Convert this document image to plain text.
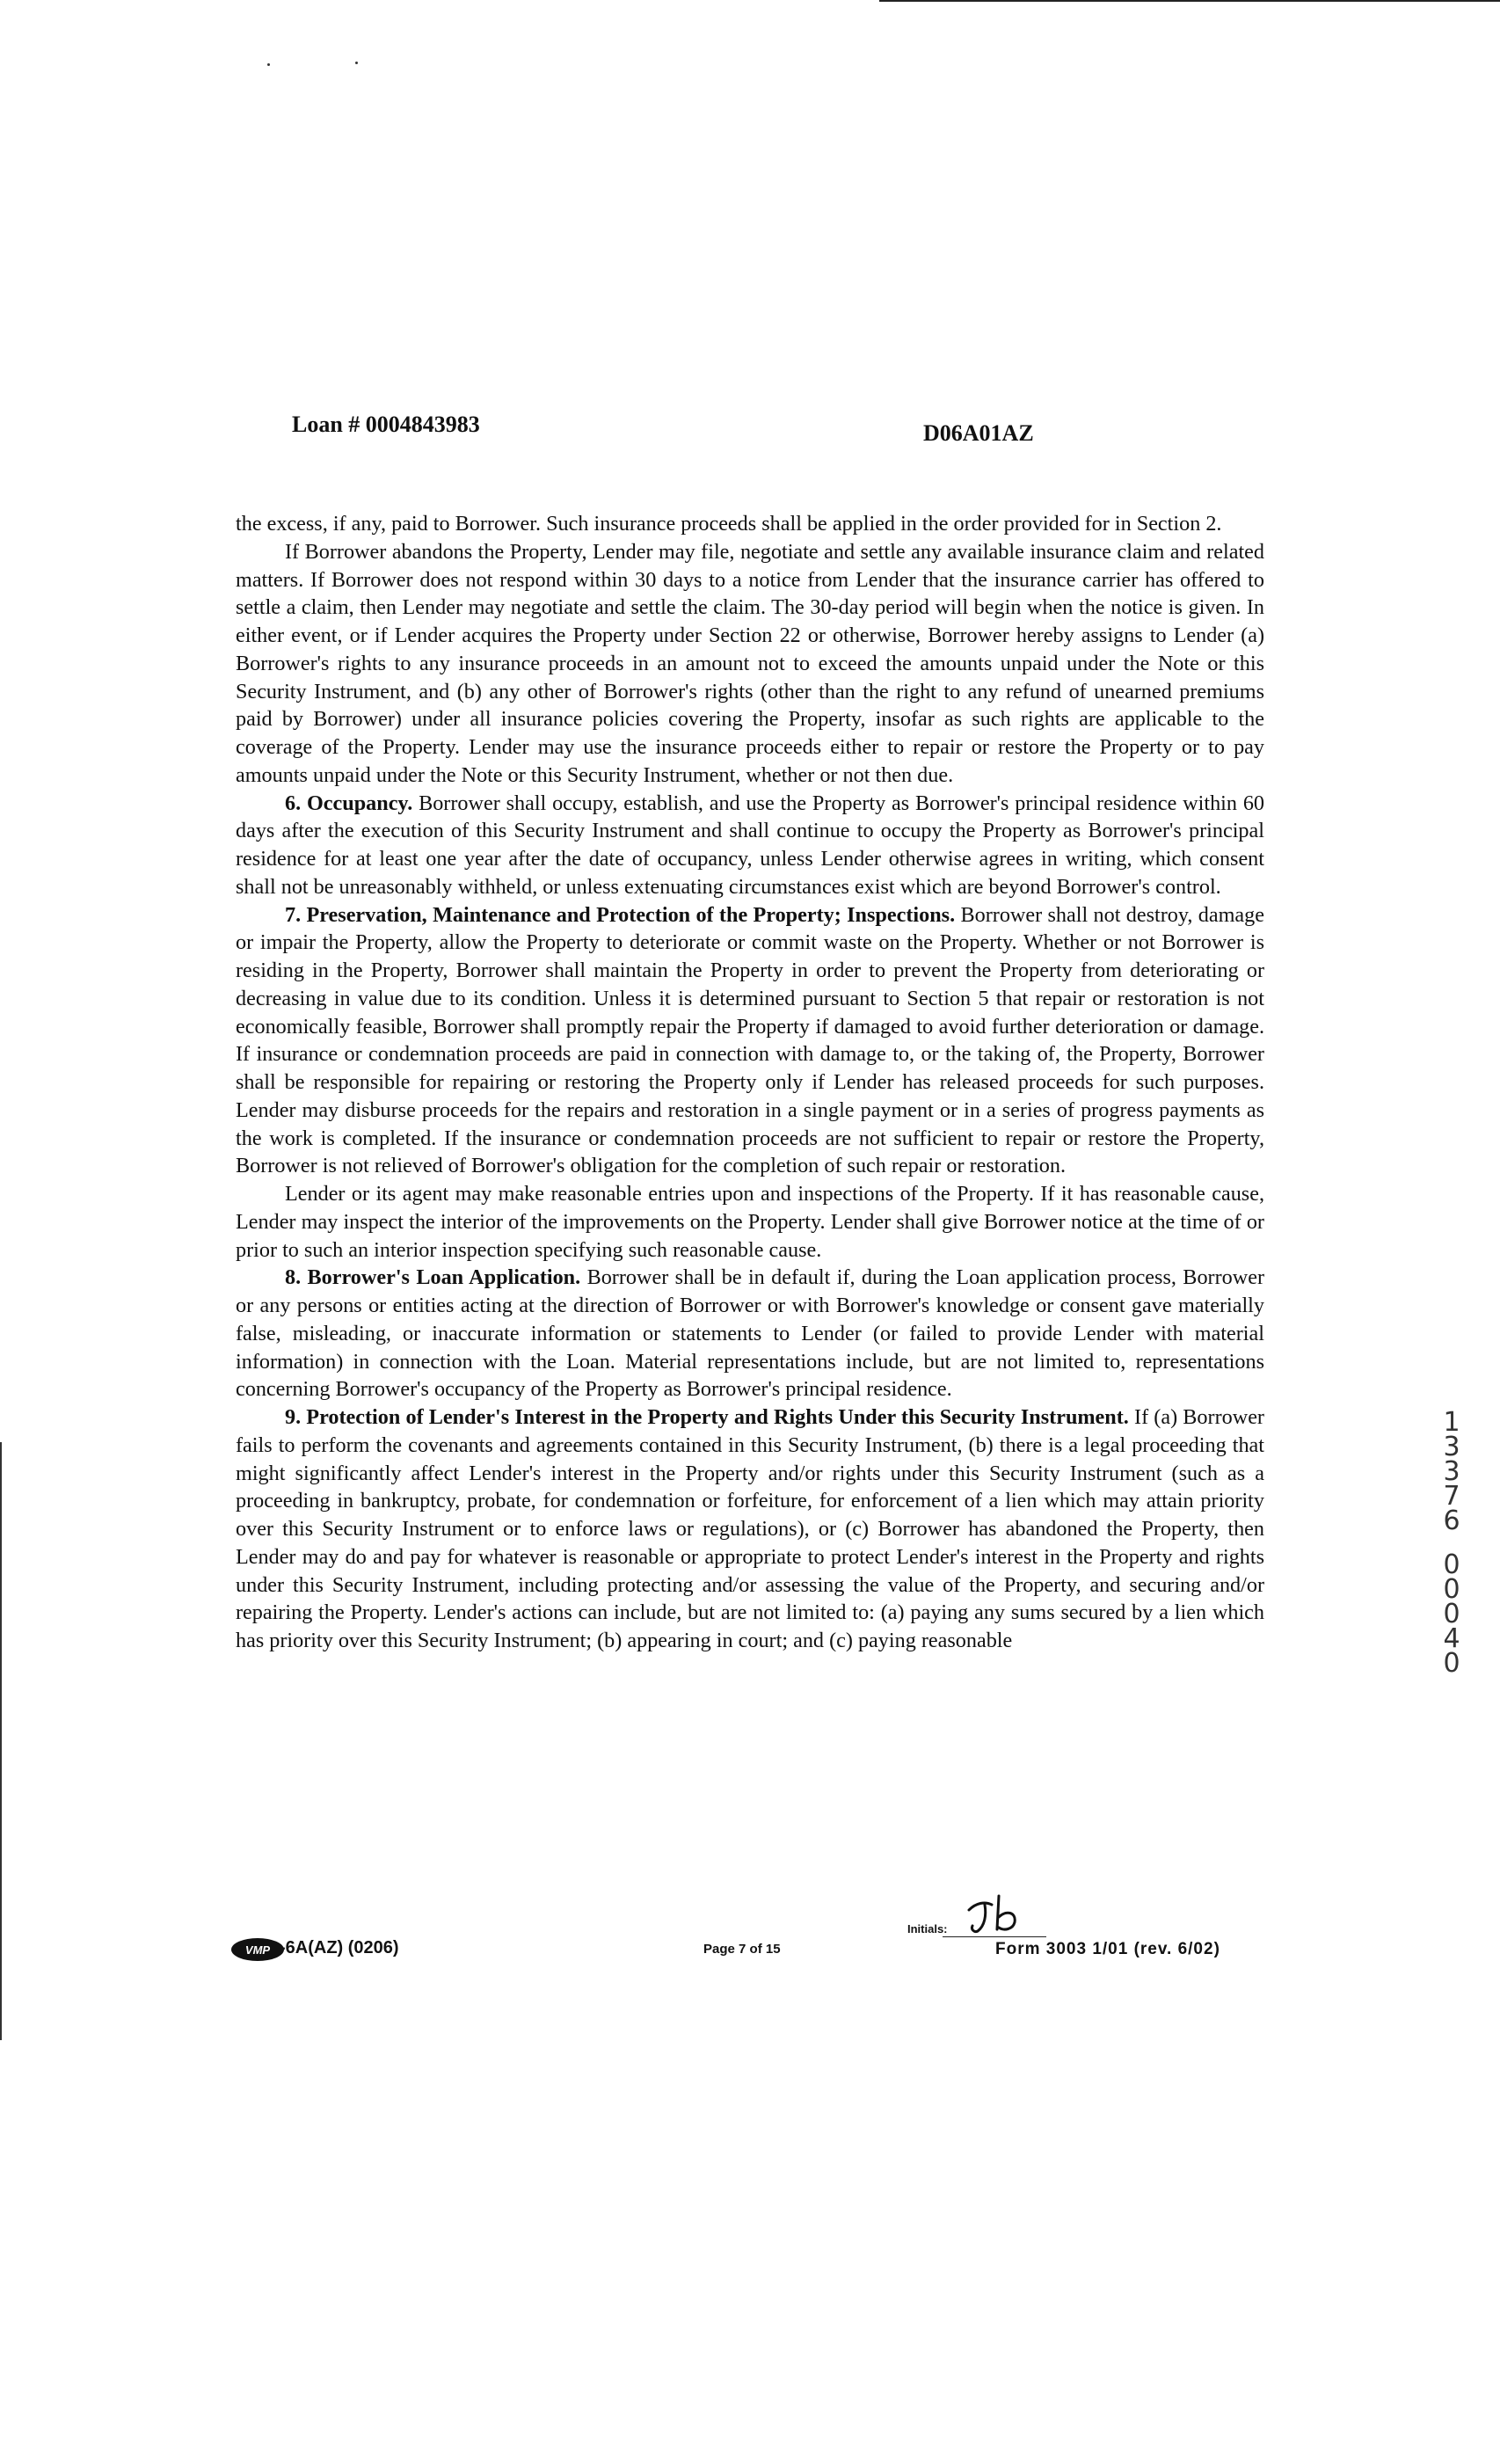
Loan # 0004843983	D06A01AZ

the excess, if any, paid to Borrower. Such insurance proceeds shall be applied in the order provided for in Section 2.

If Borrower abandons the Property, Lender may file, negotiate and settle any available insurance claim and related matters. If Borrower does not respond within 30 days to a notice from Lender that the insurance carrier has offered to settle a claim, then Lender may negotiate and settle the claim. The 30-day period will begin when the notice is given. In either event, or if Lender acquires the Property under Section 22 or otherwise, Borrower hereby assigns to Lender (a) Borrower's rights to any insurance proceeds in an amount not to exceed the amounts unpaid under the Note or this Security Instrument, and (b) any other of Borrower's rights (other than the right to any refund of unearned premiums paid by Borrower) under all insurance policies covering the Property, insofar as such rights are applicable to the coverage of the Property. Lender may use the insurance proceeds either to repair or restore the Property or to pay amounts unpaid under the Note or this Security Instrument, whether or not then due.

6. Occupancy. Borrower shall occupy, establish, and use the Property as Borrower's principal residence within 60 days after the execution of this Security Instrument and shall continue to occupy the Property as Borrower's principal residence for at least one year after the date of occupancy, unless Lender otherwise agrees in writing, which consent shall not be unreasonably withheld, or unless extenuating circumstances exist which are beyond Borrower's control.

7. Preservation, Maintenance and Protection of the Property; Inspections. Borrower shall not destroy, damage or impair the Property, allow the Property to deteriorate or commit waste on the Property. Whether or not Borrower is residing in the Property, Borrower shall maintain the Property in order to prevent the Property from deteriorating or decreasing in value due to its condition. Unless it is determined pursuant to Section 5 that repair or restoration is not economically feasible, Borrower shall promptly repair the Property if damaged to avoid further deterioration or damage. If insurance or condemnation proceeds are paid in connection with damage to, or the taking of, the Property, Borrower shall be responsible for repairing or restoring the Property only if Lender has released proceeds for such purposes. Lender may disburse proceeds for the repairs and restoration in a single payment or in a series of progress payments as the work is completed. If the insurance or condemnation proceeds are not sufficient to repair or restore the Property, Borrower is not relieved of Borrower's obligation for the completion of such repair or restoration.

Lender or its agent may make reasonable entries upon and inspections of the Property. If it has reasonable cause, Lender may inspect the interior of the improvements on the Property. Lender shall give Borrower notice at the time of or prior to such an interior inspection specifying such reasonable cause.

8. Borrower's Loan Application. Borrower shall be in default if, during the Loan application process, Borrower or any persons or entities acting at the direction of Borrower or with Borrower's knowledge or consent gave materially false, misleading, or inaccurate information or statements to Lender (or failed to provide Lender with material information) in connection with the Loan. Material representations include, but are not limited to, representations concerning Borrower's occupancy of the Property as Borrower's principal residence.

9. Protection of Lender's Interest in the Property and Rights Under this Security Instrument. If (a) Borrower fails to perform the covenants and agreements contained in this Security Instrument, (b) there is a legal proceeding that might significantly affect Lender's interest in the Property and/or rights under this Security Instrument (such as a proceeding in bankruptcy, probate, for condemnation or forfeiture, for enforcement of a lien which may attain priority over this Security Instrument or to enforce laws or regulations), or (c) Borrower has abandoned the Property, then Lender may do and pay for whatever is reasonable or appropriate to protect Lender's interest in the Property and rights under this Security Instrument, including protecting and/or assessing the value of the Property, and securing and/or repairing the Property. Lender's actions can include, but are not limited to: (a) paying any sums secured by a lien which has priority over this Security Instrument; (b) appearing in court; and (c) paying reasonable

1
3
3
7
6
0
0
0
4
0
VMP -6A(AZ) (0206)	Page 7 of 15
Initials:
Form 3003 1/01 (rev. 6/02)
